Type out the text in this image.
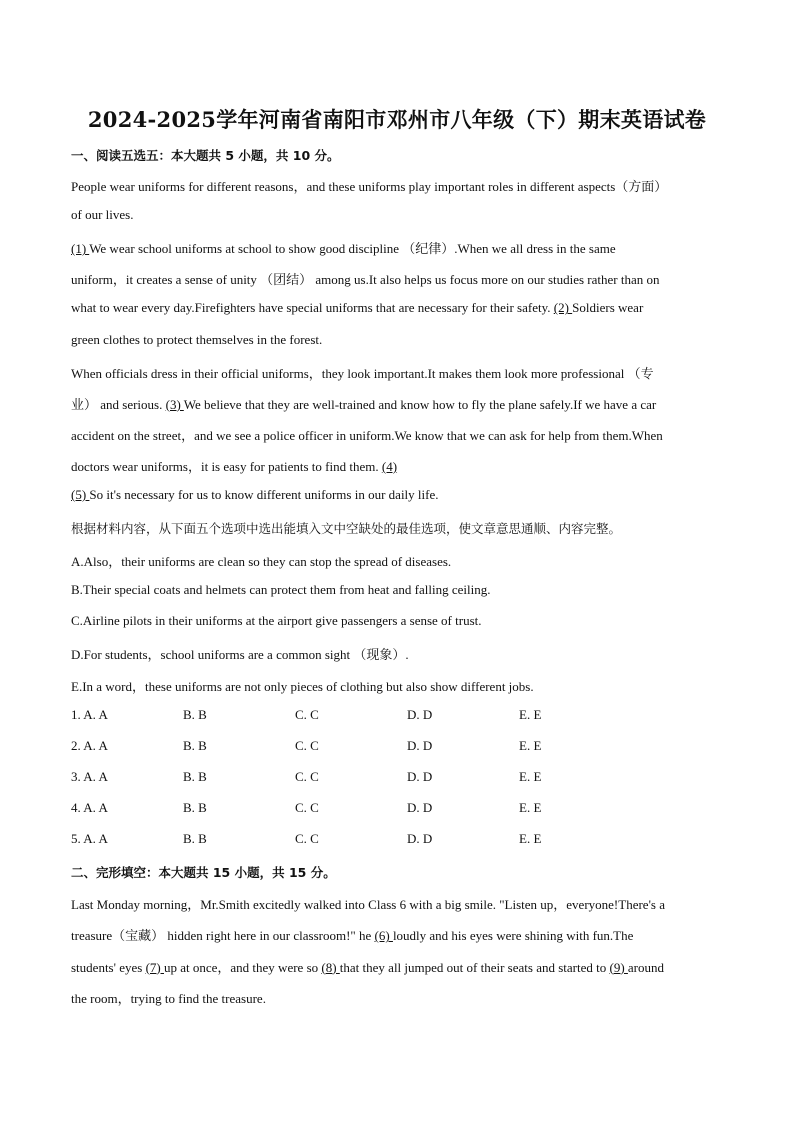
2024-2025学年河南省南阳市邓州市八年级（下）期末英语试卷
一、阅读五选五：本大题共 5 小题，共 10 分。
People wear uniforms for different reasons，and these uniforms play important roles in different aspects（方面）
of our lives.
(1) We wear school uniforms at school to show good discipline （纪律）.When we all dress in the same
uniform，it creates a sense of unity （团结） among us.It also helps us focus more on our studies rather than on
what to wear every day.Firefighters have special uniforms that are necessary for their safety. (2) Soldiers wear
green clothes to protect themselves in the forest.
When officials dress in their official uniforms，they look important.It makes them look more professional （专
业） and serious. (3) We believe that they are well-trained and know how to fly the plane safely.If we have a car
accident on the street，and we see a police officer in uniform.We know that we can ask for help from them.When
doctors wear uniforms，it is easy for patients to find them. (4)
(5) So it's necessary for us to know different uniforms in our daily life.
根据材料内容，从下面五个选项中选出能填入文中空缺处的最佳选项，使文章意思通顺、内容完整。
A.Also，their uniforms are clean so they can stop the spread of diseases.
B.Their special coats and helmets can protect them from heat and falling ceiling.
C.Airline pilots in their uniforms at the airport give passengers a sense of trust.
D.For students，school uniforms are a common sight （现象）.
E.In a word，these uniforms are not only pieces of clothing but also show different jobs.
1. A. A	B. B	C. C	D. D	E. E
2. A. A	B. B	C. C	D. D	E. E
3. A. A	B. B	C. C	D. D	E. E
4. A. A	B. B	C. C	D. D	E. E
5. A. A	B. B	C. C	D. D	E. E
二、完形填空：本大题共 15 小题，共 15 分。
Last Monday morning，Mr.Smith excitedly walked into Class 6 with a big smile. "Listen up，everyone!There's a
treasure（宝藏） hidden right here in our classroom!" he (6) loudly and his eyes were shining with fun.The
students' eyes (7) up at once，and they were so (8) that they all jumped out of their seats and started to (9) around
the room，trying to find the treasure.
